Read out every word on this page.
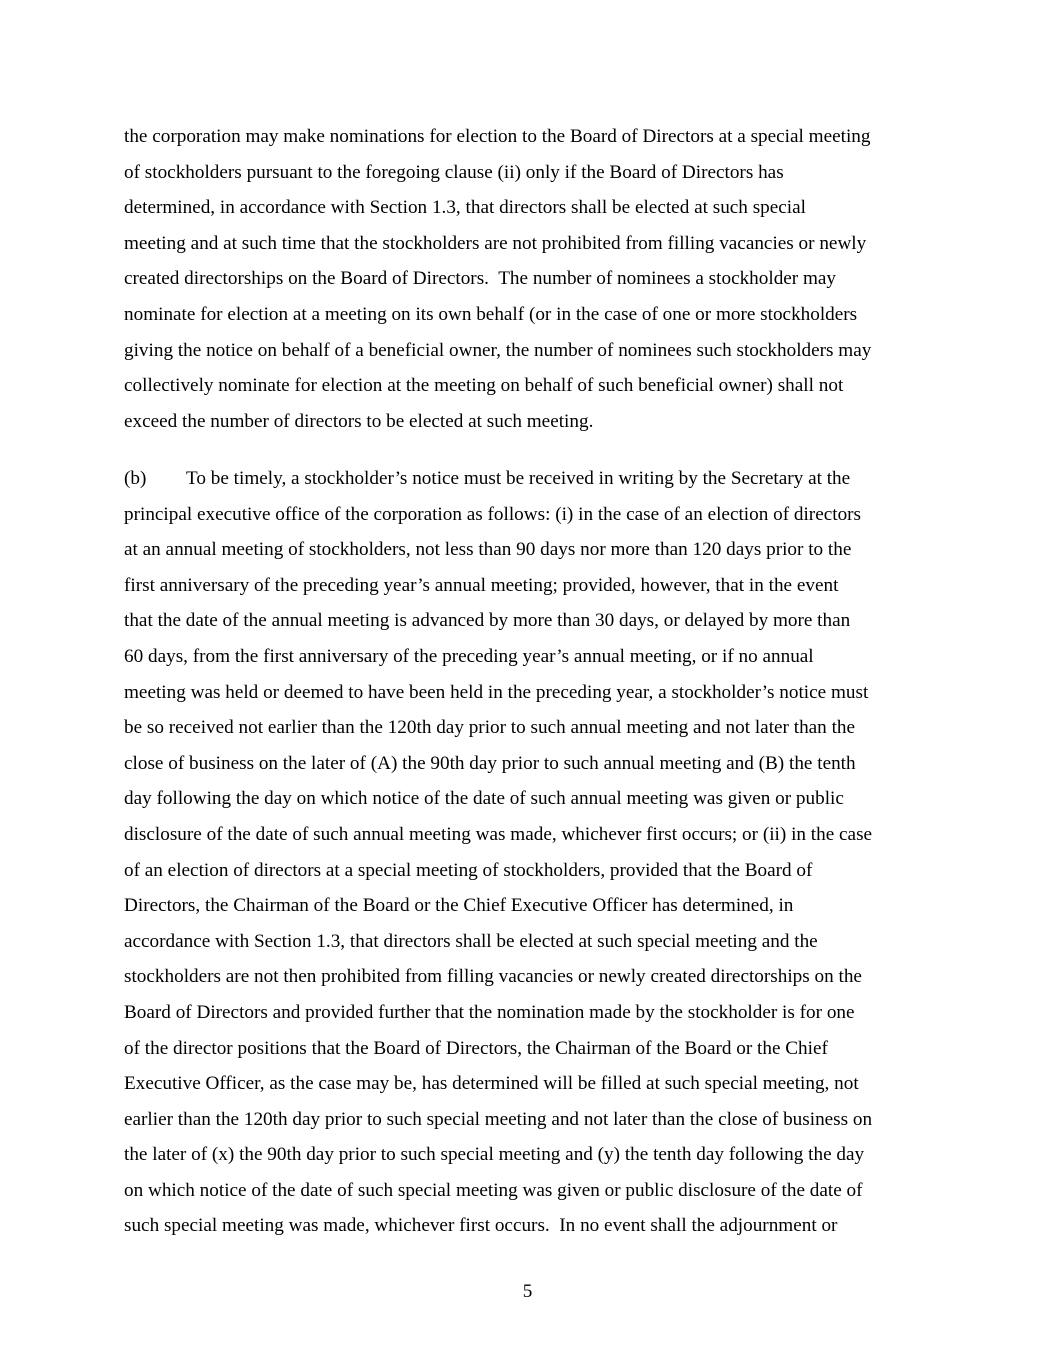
the corporation may make nominations for election to the Board of Directors at a special meeting
of stockholders pursuant to the foregoing clause (ii) only if the Board of Directors has
determined, in accordance with Section 1.3, that directors shall be elected at such special
meeting and at such time that the stockholders are not prohibited from filling vacancies or newly
created directorships on the Board of Directors.  The number of nominees a stockholder may
nominate for election at a meeting on its own behalf (or in the case of one or more stockholders
giving the notice on behalf of a beneficial owner, the number of nominees such stockholders may
collectively nominate for election at the meeting on behalf of such beneficial owner) shall not
exceed the number of directors to be elected at such meeting.
(b) To be timely, a stockholder’s notice must be received in writing by the Secretary at the
principal executive office of the corporation as follows: (i) in the case of an election of directors
at an annual meeting of stockholders, not less than 90 days nor more than 120 days prior to the
first anniversary of the preceding year’s annual meeting; provided, however, that in the event
that the date of the annual meeting is advanced by more than 30 days, or delayed by more than
60 days, from the first anniversary of the preceding year’s annual meeting, or if no annual
meeting was held or deemed to have been held in the preceding year, a stockholder’s notice must
be so received not earlier than the 120th day prior to such annual meeting and not later than the
close of business on the later of (A) the 90th day prior to such annual meeting and (B) the tenth
day following the day on which notice of the date of such annual meeting was given or public
disclosure of the date of such annual meeting was made, whichever first occurs; or (ii) in the case
of an election of directors at a special meeting of stockholders, provided that the Board of
Directors, the Chairman of the Board or the Chief Executive Officer has determined, in
accordance with Section 1.3, that directors shall be elected at such special meeting and the
stockholders are not then prohibited from filling vacancies or newly created directorships on the
Board of Directors and provided further that the nomination made by the stockholder is for one
of the director positions that the Board of Directors, the Chairman of the Board or the Chief
Executive Officer, as the case may be, has determined will be filled at such special meeting, not
earlier than the 120th day prior to such special meeting and not later than the close of business on
the later of (x) the 90th day prior to such special meeting and (y) the tenth day following the day
on which notice of the date of such special meeting was given or public disclosure of the date of
such special meeting was made, whichever first occurs.  In no event shall the adjournment or
5
